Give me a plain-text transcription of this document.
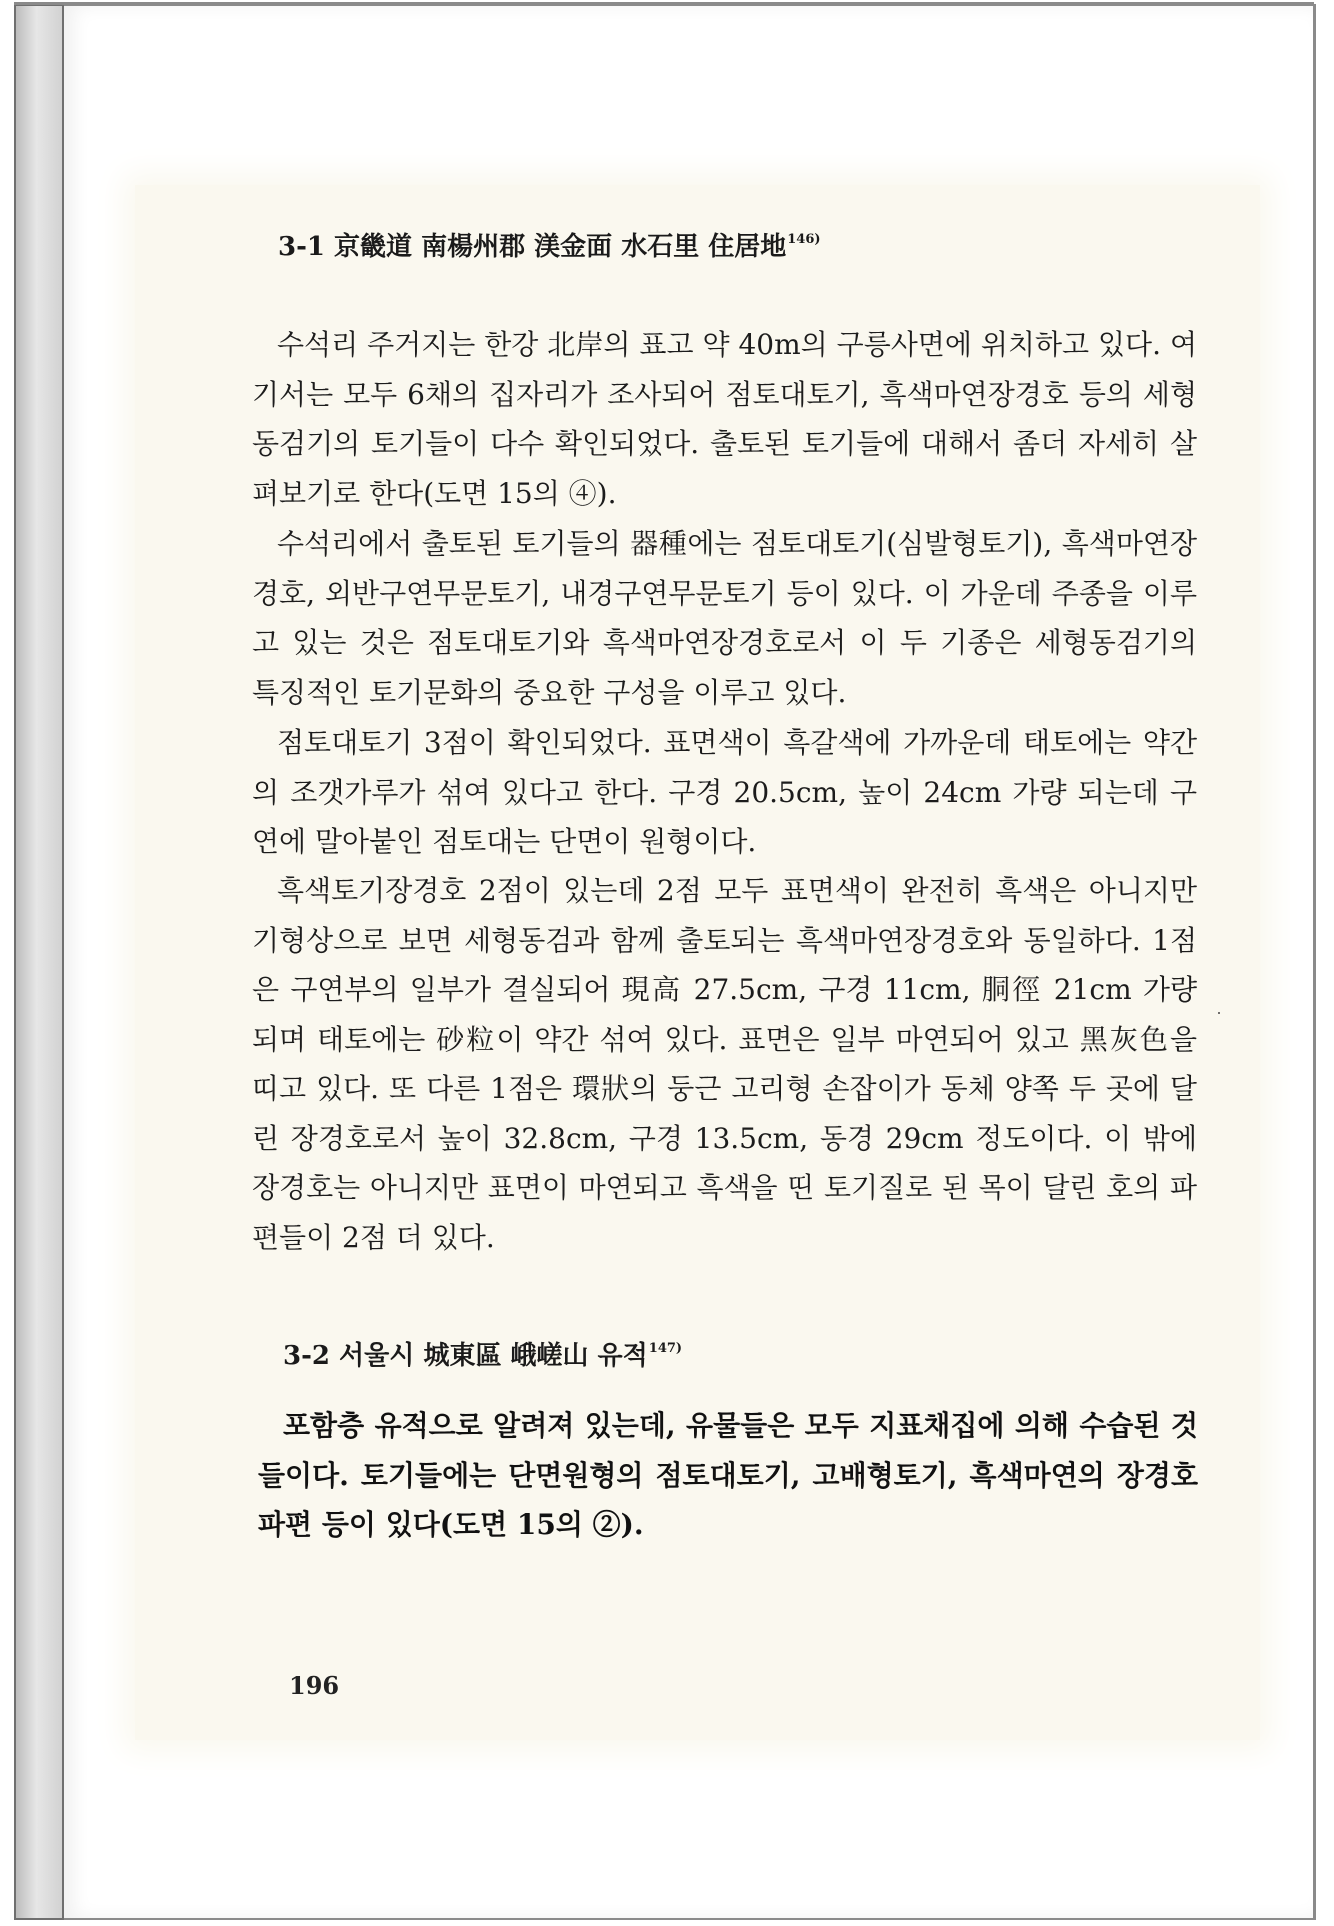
3-1 京畿道 南楊州郡 渼金面 水石里 住居地$^{146)}$

수석리 주거지는 한강 北岸의 표고 약 40m의 구릉사면에 위치하고 있다. 여기서는 모두 6채의 집자리가 조사되어 점토대토기, 흑색마연장경호 등의 세형동검기의 토기들이 다수 확인되었다. 출토된 토기들에 대해서 좀더 자세히 살펴보기로 한다(도면 15의 ④).

수석리에서 출토된 토기들의 器種에는 점토대토기(심발형토기), 흑색마연장경호, 외반구연무문토기, 내경구연무문토기 등이 있다. 이 가운데 주종을 이루고 있는 것은 점토대토기와 흑색마연장경호로서 이 두 기종은 세형동검기의 특징적인 토기문화의 중요한 구성을 이루고 있다.

점토대토기 3점이 확인되었다. 표면색이 흑갈색에 가까운데 태토에는 약간의 조갯가루가 섞여 있다고 한다. 구경 20.5cm, 높이 24cm 가량 되는데 구연에 말아붙인 점토대는 단면이 원형이다.

흑색토기장경호 2점이 있는데 2점 모두 표면색이 완전히 흑색은 아니지만 기형상으로 보면 세형동검과 함께 출토되는 흑색마연장경호와 동일하다. 1점은 구연부의 일부가 결실되어 現高 27.5cm, 구경 11cm, 胴徑 21cm 가량 되며 태토에는 砂粒이 약간 섞여 있다. 표면은 일부 마연되어 있고 黑灰色을 띠고 있다. 또 다른 1점은 環狀의 둥근 고리형 손잡이가 동체 양쪽 두 곳에 달린 장경호로서 높이 32.8cm, 구경 13.5cm, 동경 29cm 정도이다. 이 밖에 장경호는 아니지만 표면이 마연되고 흑색을 띤 토기질로 된 목이 달린 호의 파편들이 2점 더 있다.

3-2 서울시 城東區 峨嵯山 유적$^{147)}$

포함층 유적으로 알려져 있는데, 유물들은 모두 지표채집에 의해 수습된 것들이다. 토기들에는 단면원형의 점토대토기, 고배형토기, 흑색마연의 장경호 파편 등이 있다(도면 15의 ②).

196
